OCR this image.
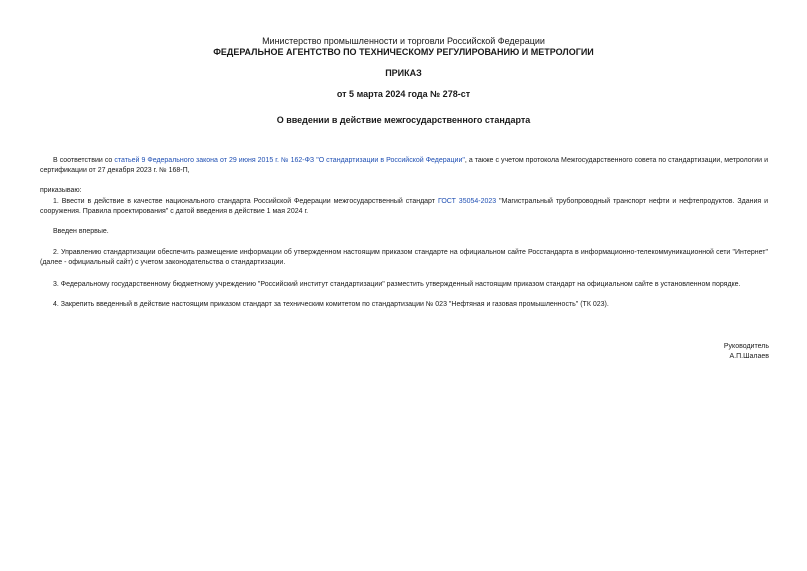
Министерство промышленности и торговли Российской Федерации
ФЕДЕРАЛЬНОЕ АГЕНТСТВО ПО ТЕХНИЧЕСКОМУ РЕГУЛИРОВАНИЮ И МЕТРОЛОГИИ
ПРИКАЗ
от 5 марта 2024 года № 278-ст
О введении в действие межгосударственного стандарта
В соответствии со статьей 9 Федерального закона от 29 июня 2015 г. № 162-ФЗ "О стандартизации в Российской Федерации", а также с учетом протокола Межгосударственного совета по стандартизации, метрологии и сертификации от 27 декабря 2023 г. № 168-П,
приказываю:
1. Ввести в действие в качестве национального стандарта Российской Федерации межгосударственный стандарт ГОСТ 35054-2023 "Магистральный трубопроводный транспорт нефти и нефтепродуктов. Здания и сооружения. Правила проектирования" с датой введения в действие 1 мая 2024 г.
Введен впервые.
2. Управлению стандартизации обеспечить размещение информации об утвержденном настоящим приказом стандарте на официальном сайте Росстандарта в информационно-телекоммуникационной сети "Интернет" (далее - официальный сайт) с учетом законодательства о стандартизации.
3. Федеральному государственному бюджетному учреждению "Российский институт стандартизации" разместить утвержденный настоящим приказом стандарт на официальном сайте в установленном порядке.
4. Закрепить введенный в действие настоящим приказом стандарт за техническим комитетом по стандартизации № 023 "Нефтяная и газовая промышленность" (ТК 023).
Руководитель
А.П.Шалаев
